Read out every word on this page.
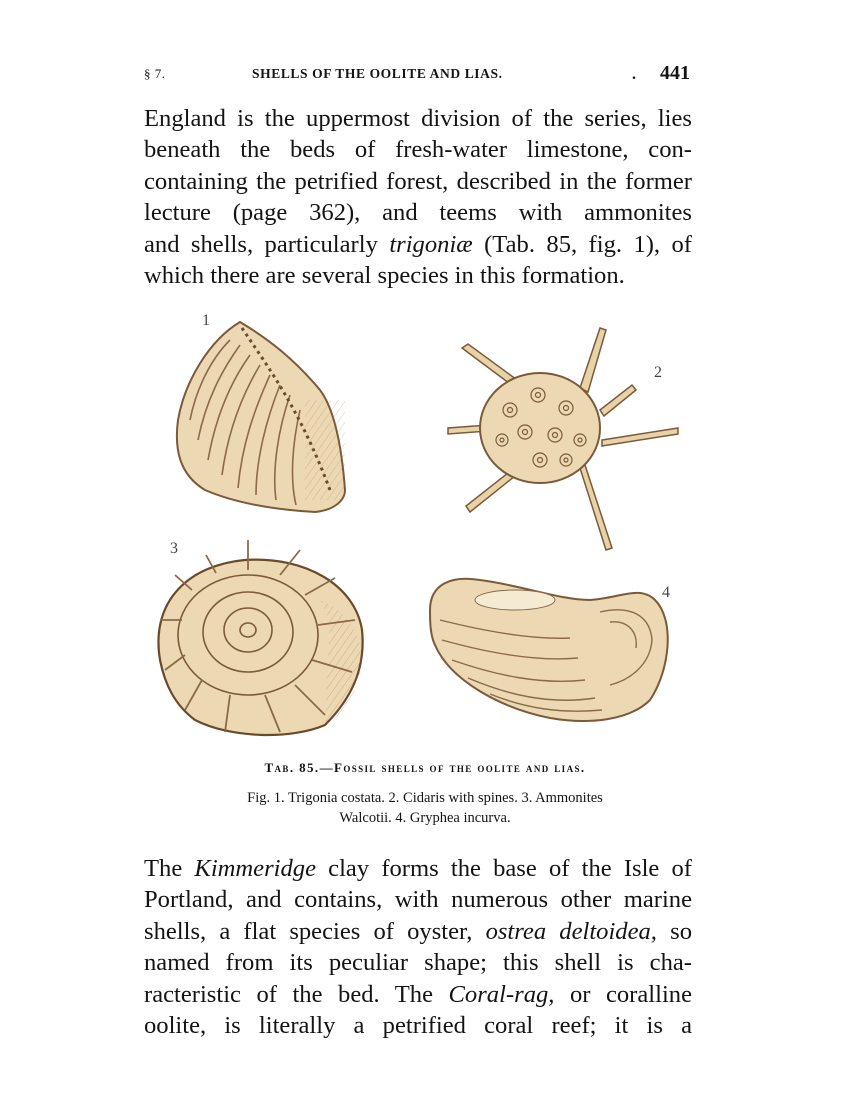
§ 7.	SHELLS OF THE OOLITE AND LIAS.	. 441
England is the uppermost division of the series, lies
beneath the beds of fresh-water limestone, con-
containing the petrified forest, described in the former
lecture (page 362), and teems with ammonites
and shells, particularly trigoniæ (Tab. 85, fig. 1), of
which there are several species in this formation.
1
2
3
4
Tab. 85.—Fossil shells of the oolite and lias.
Fig. 1. Trigonia costata. 2. Cidaris with spines. 3. Ammonites
Walcotii. 4. Gryphea incurva.
The Kimmeridge clay forms the base of the Isle of
Portland, and contains, with numerous other marine
shells, a flat species of oyster, ostrea deltoidea, so
named from its peculiar shape; this shell is cha-
racteristic of the bed. The Coral-rag, or coralline
oolite, is literally a petrified coral reef; it is a
